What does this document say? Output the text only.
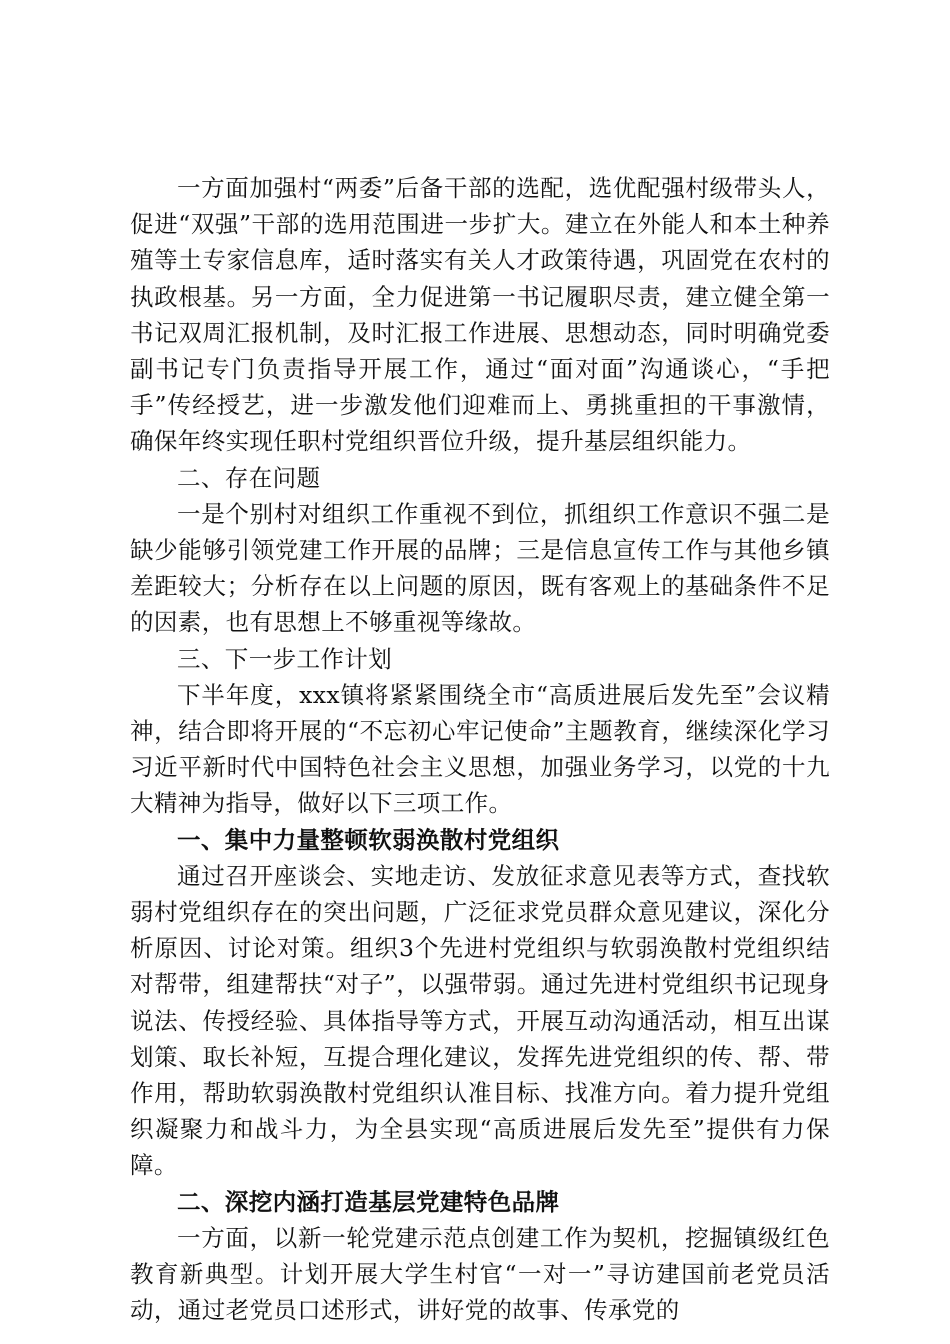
一方面加强村“两委”后备干部的选配，选优配强村级带头人，促进“双强”干部的选用范围进一步扩大。建立在外能人和本土种养殖等土专家信息库，适时落实有关人才政策待遇，巩固党在农村的执政根基。另一方面，全力促进第一书记履职尽责，建立健全第一书记双周汇报机制，及时汇报工作进展、思想动态，同时明确党委副书记专门负责指导开展工作，通过“面对面”沟通谈心，“手把手”传经授艺，进一步激发他们迎难而上、勇挑重担的干事激情，确保年终实现任职村党组织晋位升级，提升基层组织能力。

二、存在问题

一是个别村对组织工作重视不到位，抓组织工作意识不强二是缺少能够引领党建工作开展的品牌；三是信息宣传工作与其他乡镇差距较大；分析存在以上问题的原因，既有客观上的基础条件不足的因素，也有思想上不够重视等缘故。

三、下一步工作计划

下半年度，xxx镇将紧紧围绕全市“高质进展后发先至”会议精神，结合即将开展的“不忘初心牢记使命”主题教育，继续深化学习习近平新时代中国特色社会主义思想，加强业务学习，以党的十九大精神为指导，做好以下三项工作。

一、集中力量整顿软弱涣散村党组织

通过召开座谈会、实地走访、发放征求意见表等方式，查找软弱村党组织存在的突出问题，广泛征求党员群众意见建议，深化分析原因、讨论对策。组织3个先进村党组织与软弱涣散村党组织结对帮带，组建帮扶“对子”，以强带弱。通过先进村党组织书记现身说法、传授经验、具体指导等方式，开展互动沟通活动，相互出谋划策、取长补短，互提合理化建议，发挥先进党组织的传、帮、带作用，帮助软弱涣散村党组织认准目标、找准方向。着力提升党组织凝聚力和战斗力，为全县实现“高质进展后发先至”提供有力保障。

二、深挖内涵打造基层党建特色品牌

一方面，以新一轮党建示范点创建工作为契机，挖掘镇级红色教育新典型。计划开展大学生村官“一对一”寻访建国前老党员活动，通过老党员口述形式，讲好党的故事、传承党的
